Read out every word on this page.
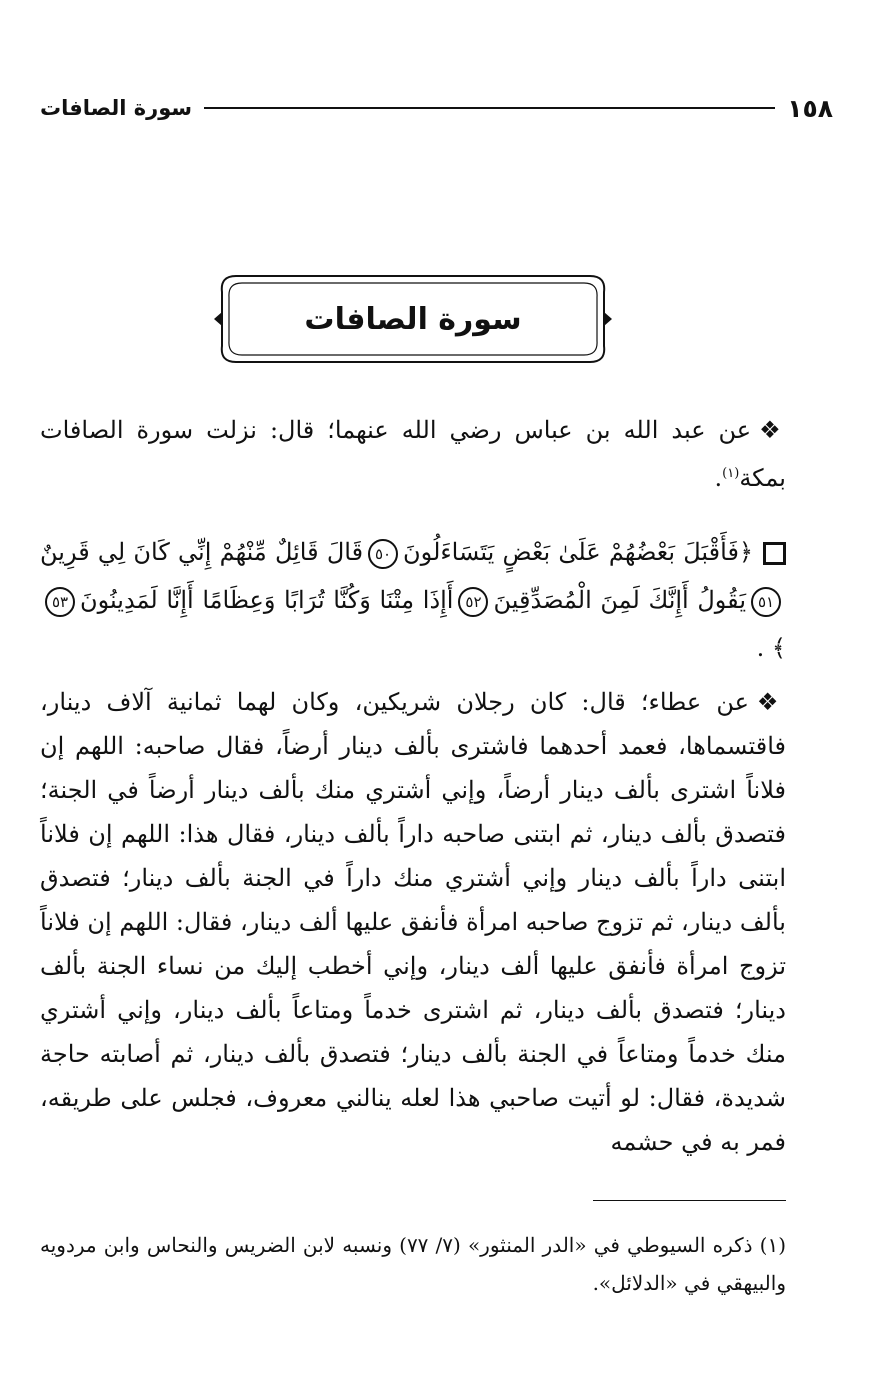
١٥٨
سورة الصافات
سورة الصافات

❖عن عبد الله بن عباس رضي الله عنهما؛ قال: نزلت سورة الصافات بمكة$^{(١)}$.

﴿فَأَقْبَلَ بَعْضُهُمْ عَلَىٰ بَعْضٍ يَتَسَاءَلُونَ٥٠قَالَ قَائِلٌ مِّنْهُمْ إِنِّي كَانَ لِي قَرِينٌ٥١يَقُولُ أَإِنَّكَ لَمِنَ الْمُصَدِّقِينَ٥٢أَإِذَا مِتْنَا وَكُنَّا تُرَابًا وَعِظَامًا أَإِنَّا لَمَدِينُونَ٥٣﴾ .

❖عن عطاء؛ قال: كان رجلان شريكين، وكان لهما ثمانية آلاف دينار، فاقتسماها، فعمد أحدهما فاشترى بألف دينار أرضاً، فقال صاحبه: اللهم إن فلاناً اشترى بألف دينار أرضاً، وإني أشتري منك بألف دينار أرضاً في الجنة؛ فتصدق بألف دينار، ثم ابتنى صاحبه داراً بألف دينار، فقال هذا: اللهم إن فلاناً ابتنى داراً بألف دينار وإني أشتري منك داراً في الجنة بألف دينار؛ فتصدق بألف دينار، ثم تزوج صاحبه امرأة فأنفق عليها ألف دينار، فقال: اللهم إن فلاناً تزوج امرأة فأنفق عليها ألف دينار، وإني أخطب إليك من نساء الجنة بألف دينار؛ فتصدق بألف دينار، ثم اشترى خدماً ومتاعاً بألف دينار، وإني أشتري منك خدماً ومتاعاً في الجنة بألف دينار؛ فتصدق بألف دينار، ثم أصابته حاجة شديدة، فقال: لو أتيت صاحبي هذا لعله ينالني معروف، فجلس على طريقه، فمر به في حشمه

(١) ذكره السيوطي في «الدر المنثور» (٧/ ٧٧) ونسبه لابن الضريس والنحاس وابن مردويه والبيهقي في «الدلائل».
